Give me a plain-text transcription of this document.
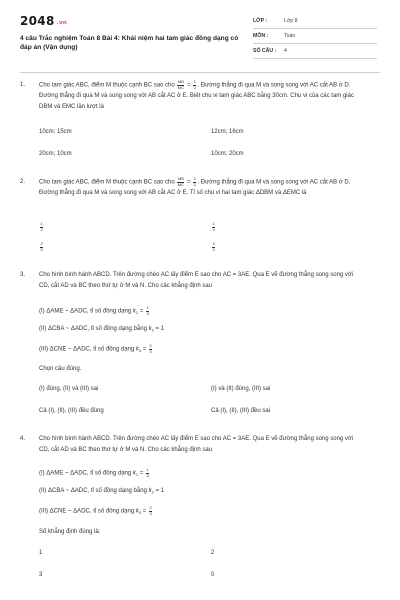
2048 .vn
4 câu Trắc nghiệm Toán 8 Bài 4: Khái niệm hai tam giác đồng dạng có đáp án (Vận dụng)
LỚP :	Lớp 8
MÔN :	Toán
SỐ CÂU :	4
1. Cho tam giác ABC, điểm M thuộc cạnh BC sao cho $\frac{MB}{MC} = \frac{1}{2}$ . Đường thẳng đi qua M và song song với AC cắt AB ở D. Đường thẳng đi qua M và song song với AB cắt AC ở E. Biết chu vi tam giác ABC bằng 30cm. Chu vi của các tam giác DBM và EMC lần lượt là
10cm; 15cm	12cm; 16cm
20cm; 10cm	10cm; 20cm
2. Cho tam giác ABC, điểm M thuộc cạnh BC sao cho $\frac{MB}{MC} = \frac{1}{2}$ . Đường thẳng đi qua M và song song với AC cắt AB ở D. Đường thẳng đi qua M và song song với AB cắt AC ở E. Tỉ số chu vi hai tam giác ΔDBM và ΔEMC là
$\frac{1}{2}$	$\frac{1}{3}$
$\frac{2}{3}$	$\frac{3}{2}$
3. Cho hình bình hành ABCD. Trên đường chéo AC lấy điểm E sao cho AC = 3AE. Qua E vẽ đường thẳng song song với CD, cắt AD và BC theo thứ tự ở M và N. Cho các khẳng định sau
(I) ΔAME ~ ΔADC, tỉ số đồng dạng $k_1 = \frac{1}{3}$
(II) ΔCBA ~ ΔADC, tỉ số đồng dạng bằng $k_2 = 1$
(III) ΔCNE ~ ΔADC, tỉ số đồng dạng $k_3 = \frac{2}{3}$
Chọn câu đúng.
(I) đúng, (II) và (III) sai	(I) và (II) đúng, (III) sai
Cả (I), (II), (III) đều đúng	Cả (I), (II), (III) đều sai
4. Cho hình bình hành ABCD. Trên đường chéo AC lấy điểm E sao cho AC = 3AE. Qua E vẽ đường thẳng song song với CD, cắt AD và BC theo thứ tự ở M và N. Cho các khẳng định sau
(I) ΔAME ~ ΔADC, tỉ số đồng dạng $k_1 = \frac{1}{3}$
(II) ΔCBA ~ ΔADC, tỉ số đồng dạng bằng $k_2 = 1$
(III) ΔCNE ~ ΔADC, tỉ số đồng dạng $k_3 = \frac{2}{3}$
Số khẳng định đúng là:
1	2
3	0
